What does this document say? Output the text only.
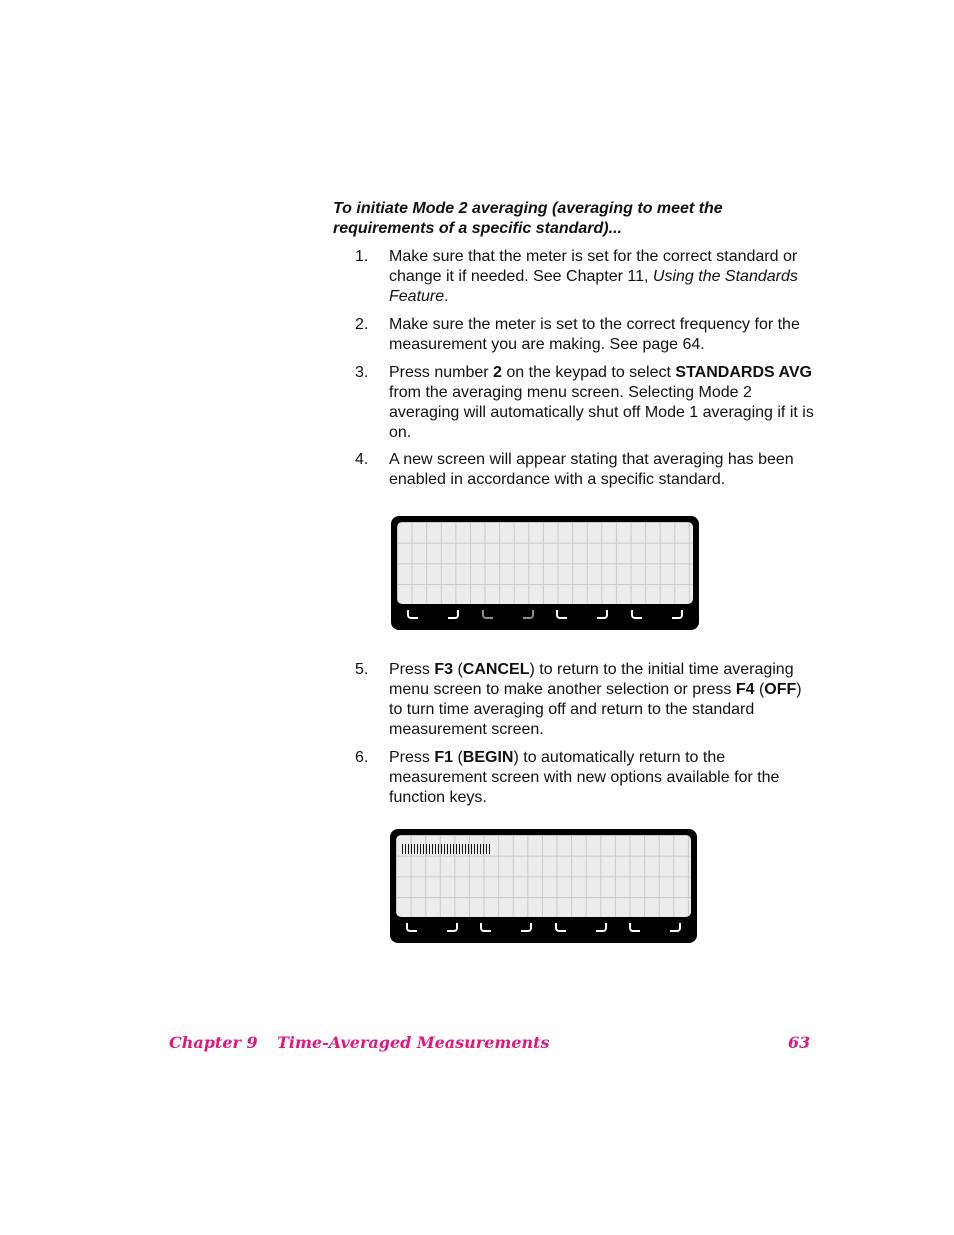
To initiate Mode 2 averaging (averaging to meet the requirements of a specific standard)...

1. Make sure that the meter is set for the correct standard or change it if needed. See Chapter 11, Using the Standards Feature.
2. Make sure the meter is set to the correct frequency for the measurement you are making. See page 64.
3. Press number 2 on the keypad to select STANDARDS AVG from the averaging menu screen. Selecting Mode 2 averaging will automatically shut off Mode 1 averaging if it is on.
4. A new screen will appear stating that averaging has been enabled in accordance with a specific standard.
5. Press F3 (CANCEL) to return to the initial time averaging menu screen to make another selection or press F4 (OFF) to turn time averaging off and return to the standard measurement screen.
6. Press F1 (BEGIN) to automatically return to the measurement screen with new options available for the function keys.
Chapter 9 Time-Averaged Measurements	63
